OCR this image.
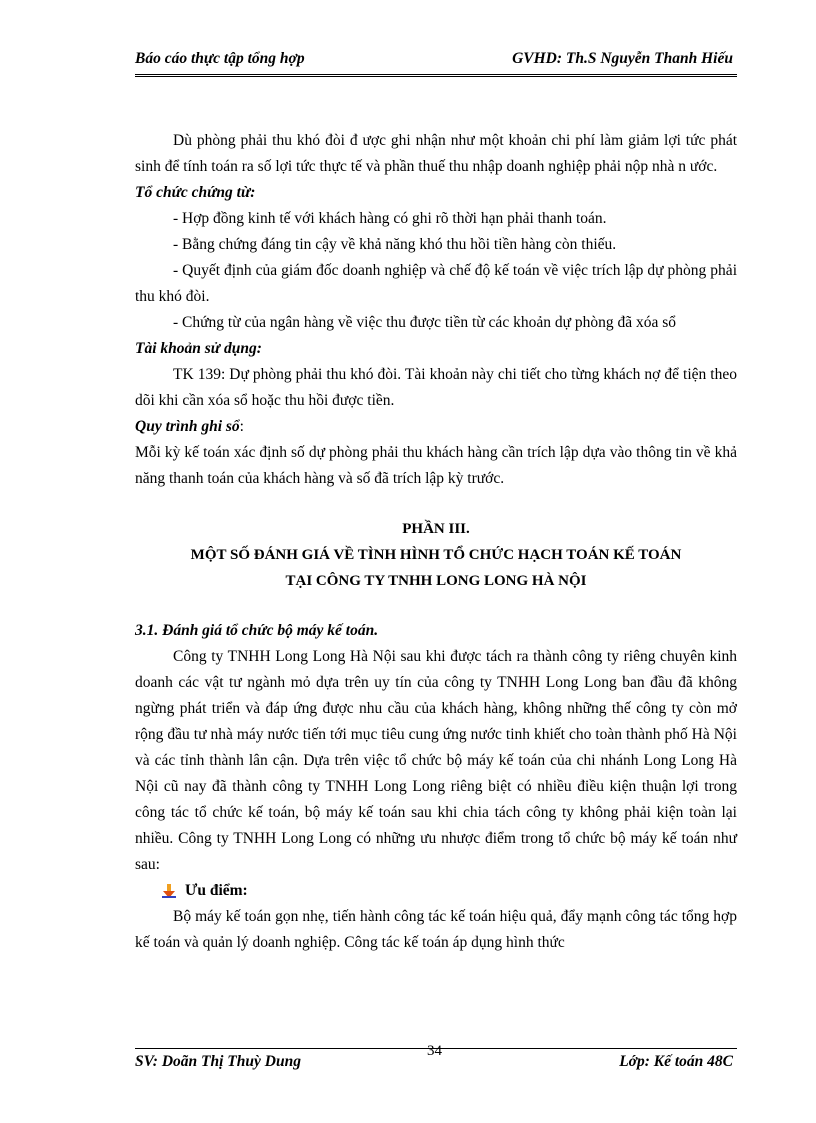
Báo cáo thực tập tổng hợp	GVHD: Th.S Nguyễn Thanh Hiếu

Dù phòng phải thu khó đòi đ ược ghi nhận như một khoản chi phí làm giảm lợi tức phát sinh để tính toán ra số lợi tức thực tế và phần thuế thu nhập doanh nghiệp phải nộp nhà n ước.

Tổ chức chứng từ:

- Hợp đồng kinh tế với khách hàng có ghi rõ thời hạn phải thanh toán.

- Bằng chứng đáng tin cậy về khả năng khó thu hồi tiền hàng còn thiếu.

- Quyết định của giám đốc doanh nghiệp và chế độ kế toán về việc trích lập dự phòng phải thu khó đòi.

- Chứng từ của ngân hàng về việc thu được tiền từ các khoản dự phòng đã xóa sổ

Tài khoản sử dụng:

TK 139: Dự phòng phải thu khó đòi. Tài khoản này chi tiết cho từng khách nợ để tiện theo dõi khi cần xóa sổ hoặc thu hồi được tiền.

Quy trình ghi sổ:

Mỗi kỳ kế toán xác định số dự phòng phải thu khách hàng cần trích lập dựa vào thông tin về khả năng thanh toán của khách hàng và số đã trích lập kỳ trước.

PHẦN III.

MỘT SỐ ĐÁNH GIÁ VỀ TÌNH HÌNH TỔ CHỨC HẠCH TOÁN KẾ TOÁN

TẠI CÔNG TY TNHH LONG LONG HÀ NỘI

3.1. Đánh giá tổ chức bộ máy kế toán.

Công ty TNHH Long Long Hà Nội sau khi được tách ra thành công ty riêng chuyên kinh doanh các vật tư ngành mỏ dựa trên uy tín của công ty TNHH Long Long ban đầu đã không ngừng phát triển và đáp ứng được nhu cầu của khách hàng, không những thế công ty còn mở rộng đầu tư nhà máy nước tiến tới mục tiêu cung ứng nước tinh khiết cho toàn thành phố Hà Nội và các tỉnh thành lân cận. Dựa trên việc tổ chức bộ máy kế toán của chi nhánh Long Long Hà Nội cũ nay đã thành công ty TNHH Long Long riêng biệt có nhiều điều kiện thuận lợi trong công tác tổ chức kế toán, bộ máy kế toán sau khi chia tách công ty không phải kiện toàn lại nhiều. Công ty TNHH Long Long có những ưu nhược điểm trong tổ chức bộ máy kế toán như sau:

Ưu điểm:

Bộ máy kế toán gọn nhẹ, tiến hành công tác kế toán hiệu quả, đẩy mạnh công tác tổng hợp kế toán và quản lý doanh nghiệp. Công tác kế toán áp dụng hình thức

SV: Doãn Thị Thuỳ Dung
34
Lớp: Kế toán 48C
